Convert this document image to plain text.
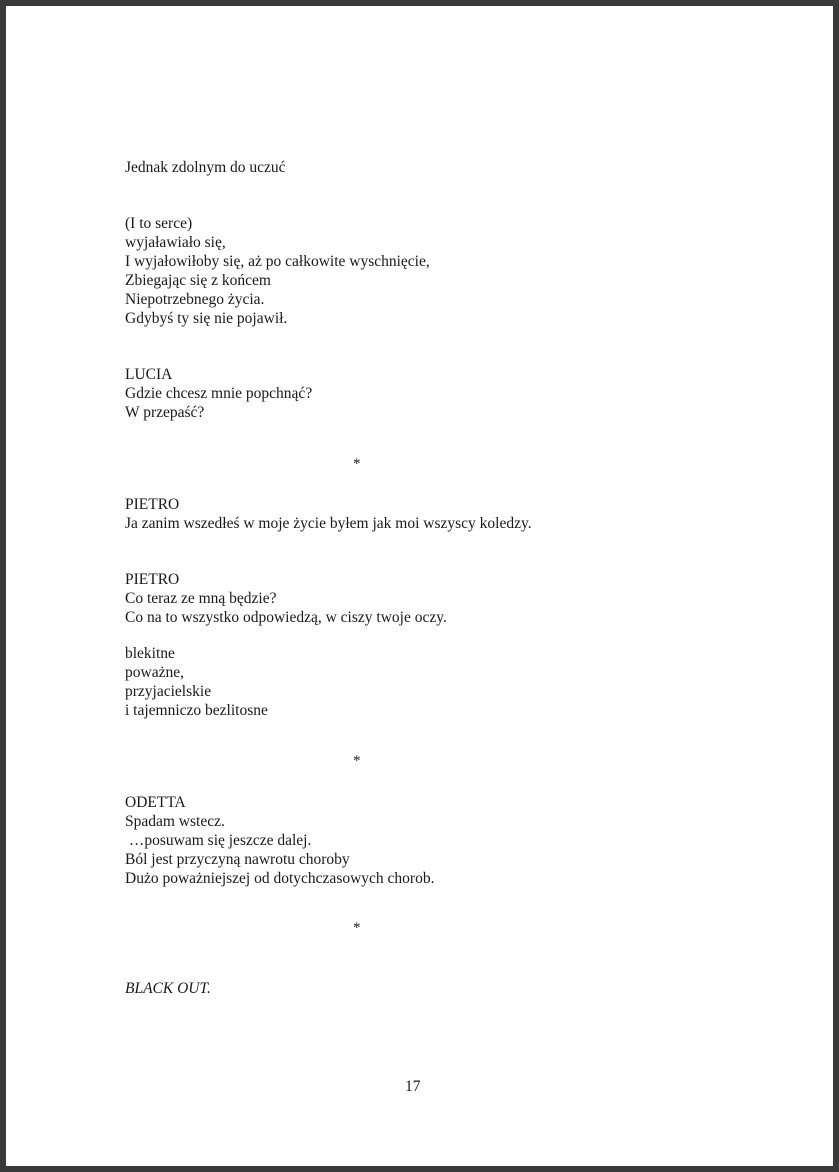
Jednak zdolnym do uczuć

(I to serce)

wyjaławiało się,

I wyjałowiłoby się, aż po całkowite wyschnięcie,

Zbiegając się z końcem

Niepotrzebnego życia.

Gdybyś ty się nie pojawił.

LUCIA

Gdzie chcesz mnie popchnąć?

W przepaść?

*

PIETRO

Ja zanim wszedłeś w moje życie byłem jak moi wszyscy koledzy.

PIETRO

Co teraz ze mną będzie?

Co na to wszystko odpowiedzą, w ciszy twoje oczy.

blekitne

poważne,

przyjacielskie

i tajemniczo bezlitosne

*

ODETTA

Spadam wstecz.

…posuwam się jeszcze dalej.

Ból jest przyczyną nawrotu choroby

Dużo poważniejszej od dotychczasowych chorob.

*

BLACK OUT.

17
